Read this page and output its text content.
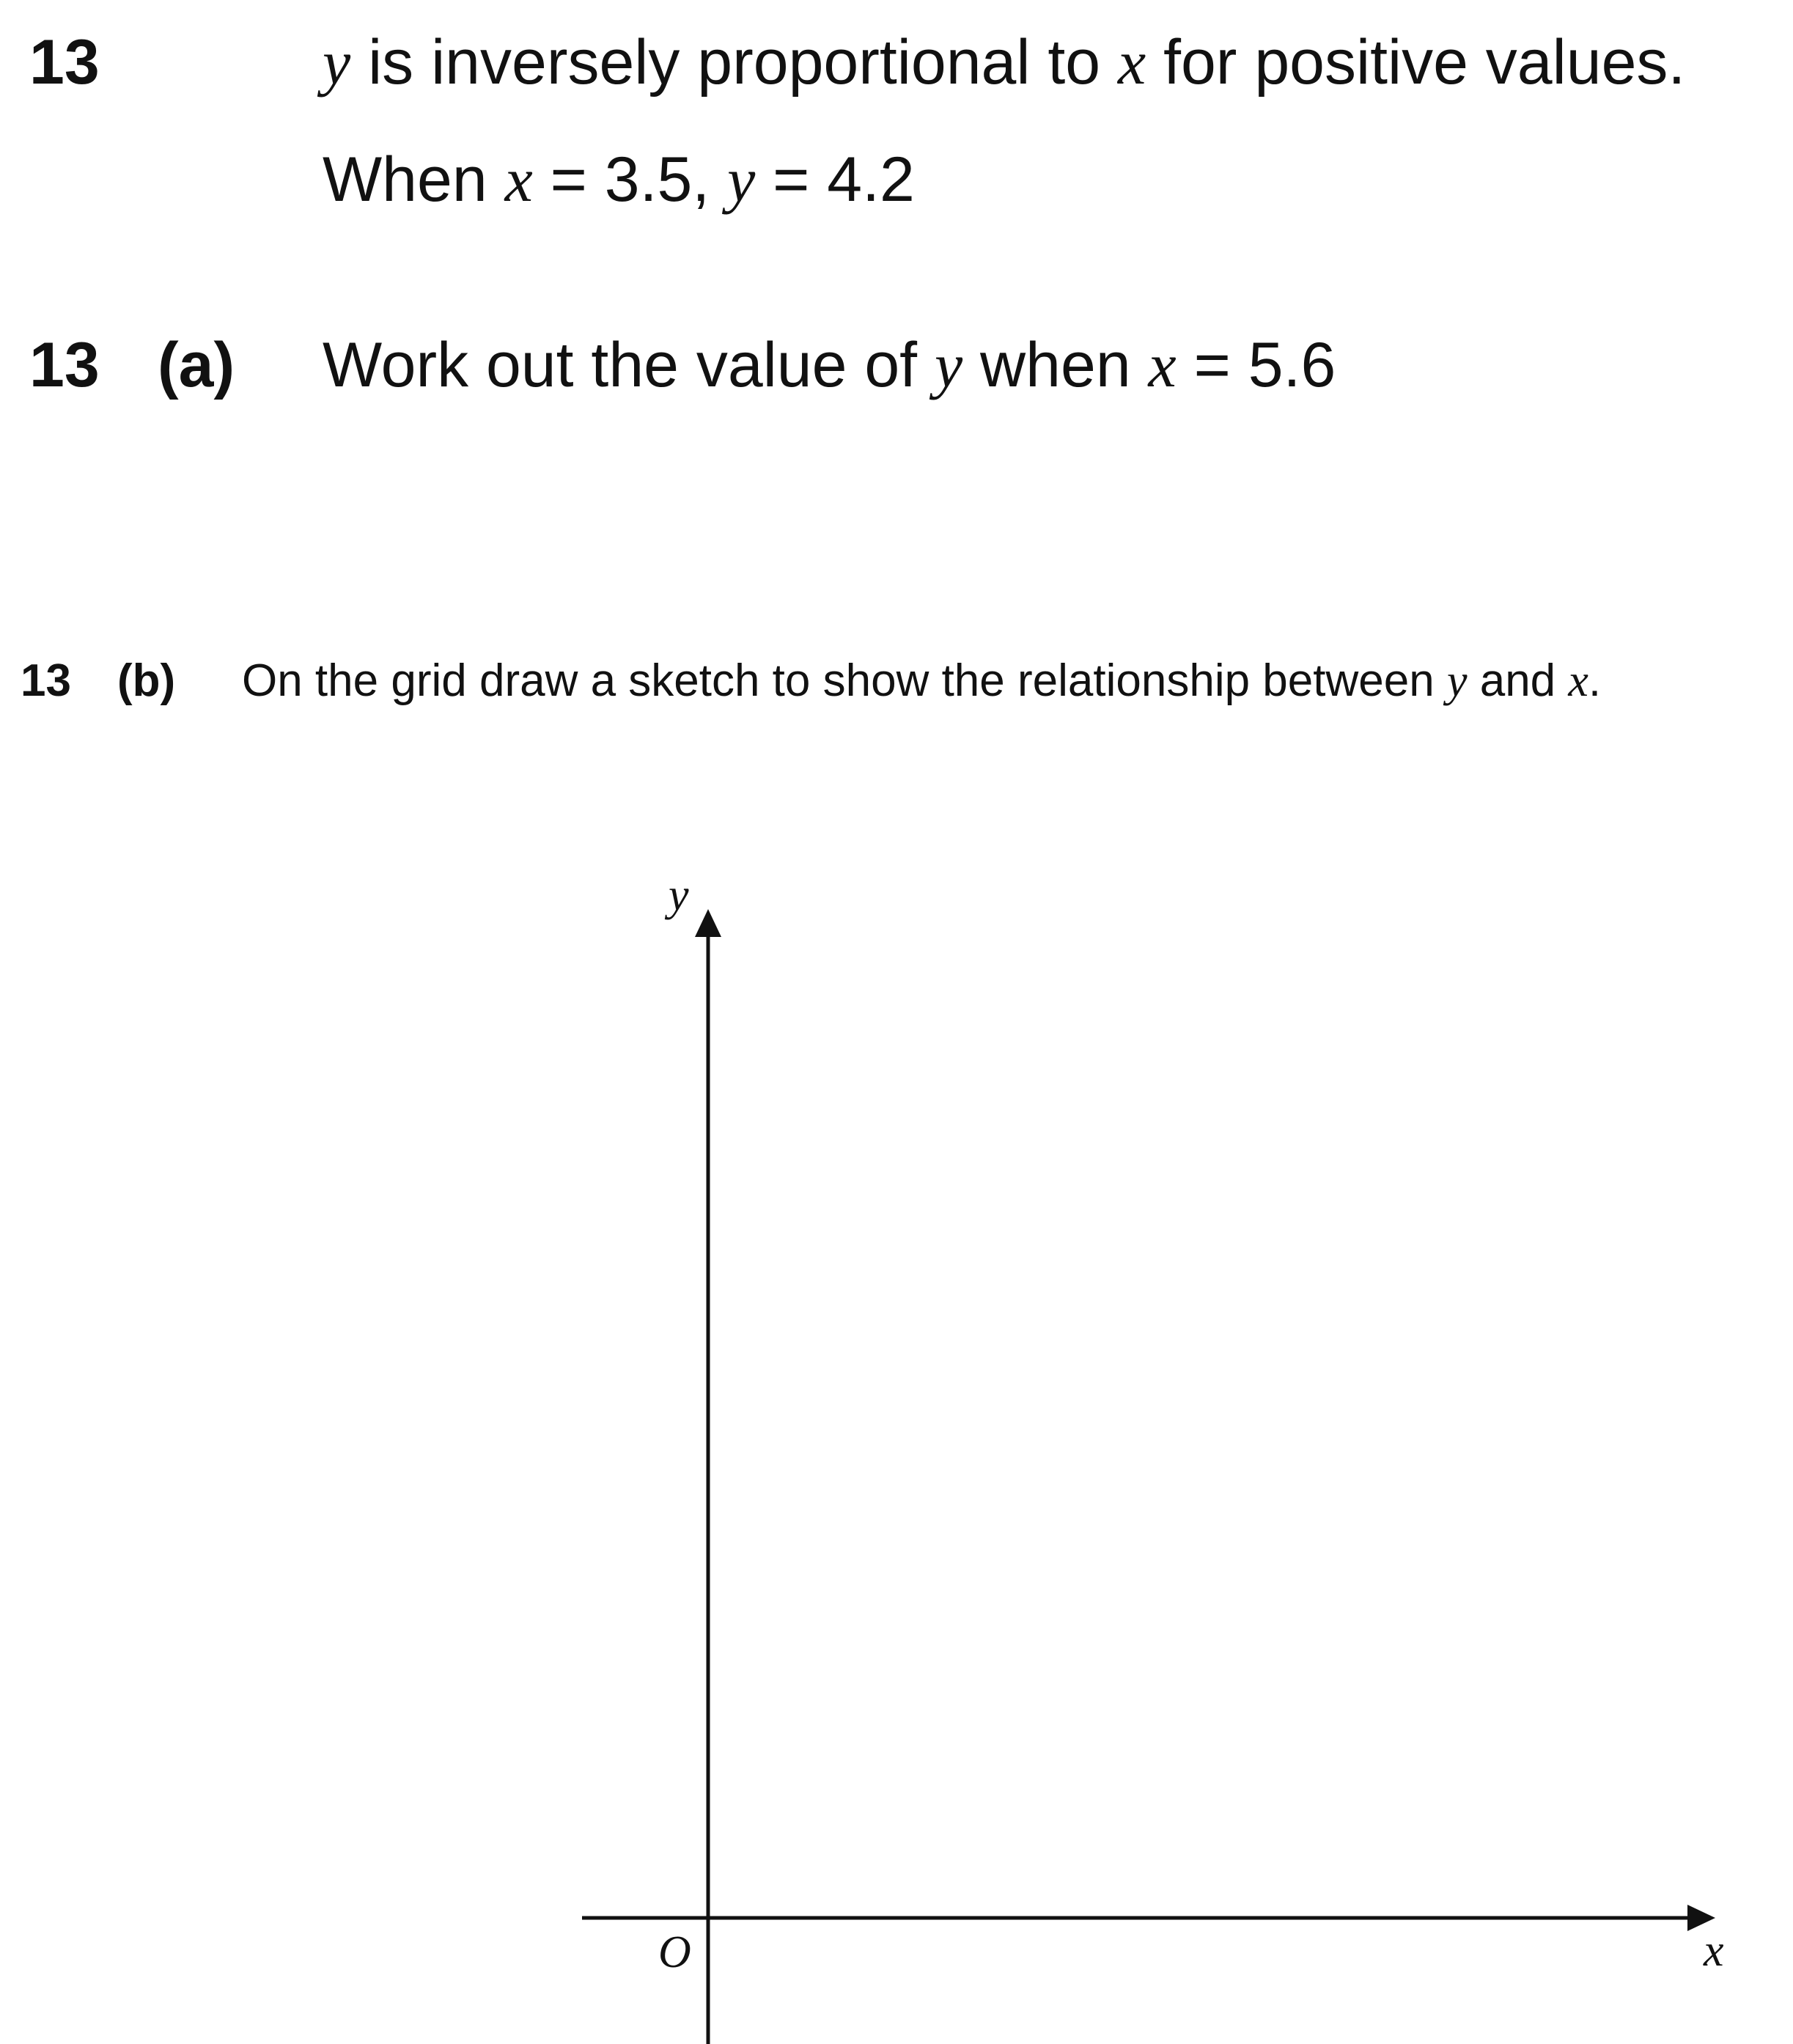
13	y is inversely proportional to x for positive values.
When x = 3.5, y = 4.2
13 (a) Work out the value of y when x = 5.6
13 (b) On the grid draw a sketch to show the relationship between y and x.
y
x
O
